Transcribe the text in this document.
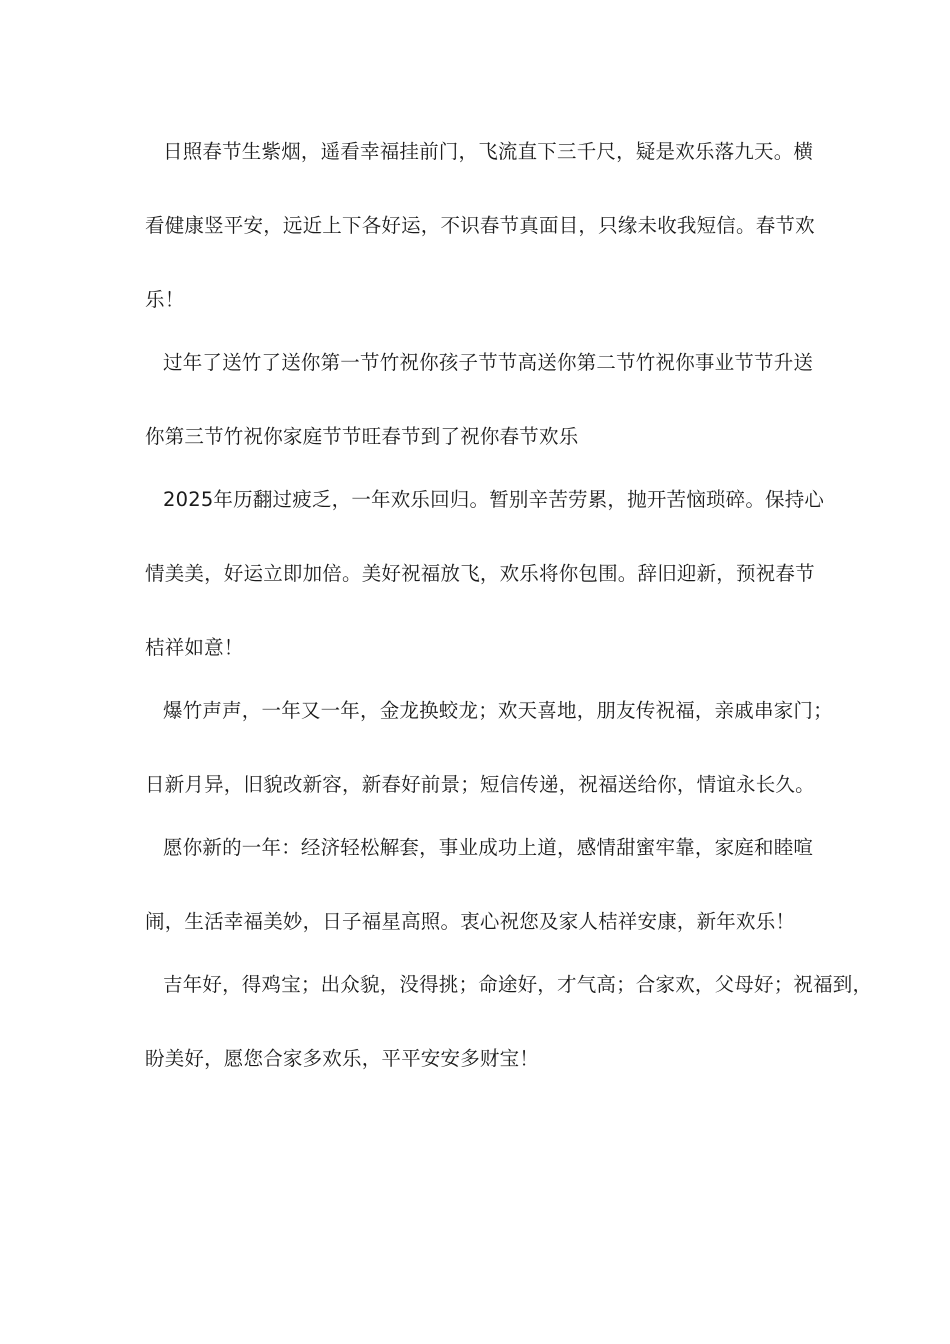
日照春节生紫烟，遥看幸福挂前门，飞流直下三千尺，疑是欢乐落九天。横
看健康竖平安，远近上下各好运，不识春节真面目，只缘未收我短信。春节欢
乐！
过年了送竹了送你第一节竹祝你孩子节节高送你第二节竹祝你事业节节升送
你第三节竹祝你家庭节节旺春节到了祝你春节欢乐
2025年历翻过疲乏，一年欢乐回归。暂别辛苦劳累，抛开苦恼琐碎。保持心
情美美，好运立即加倍。美好祝福放飞，欢乐将你包围。辞旧迎新，预祝春节
桔祥如意！
爆竹声声，一年又一年，金龙换蛟龙；欢天喜地，朋友传祝福，亲戚串家门；
日新月异，旧貌改新容，新春好前景；短信传递，祝福送给你，情谊永长久。
愿你新的一年：经济轻松解套，事业成功上道，感情甜蜜牢靠，家庭和睦喧
闹，生活幸福美妙，日子福星高照。衷心祝您及家人桔祥安康，新年欢乐！
吉年好，得鸡宝；出众貌，没得挑；命途好，才气高；合家欢，父母好；祝福到，
盼美好，愿您合家多欢乐，平平安安多财宝！
